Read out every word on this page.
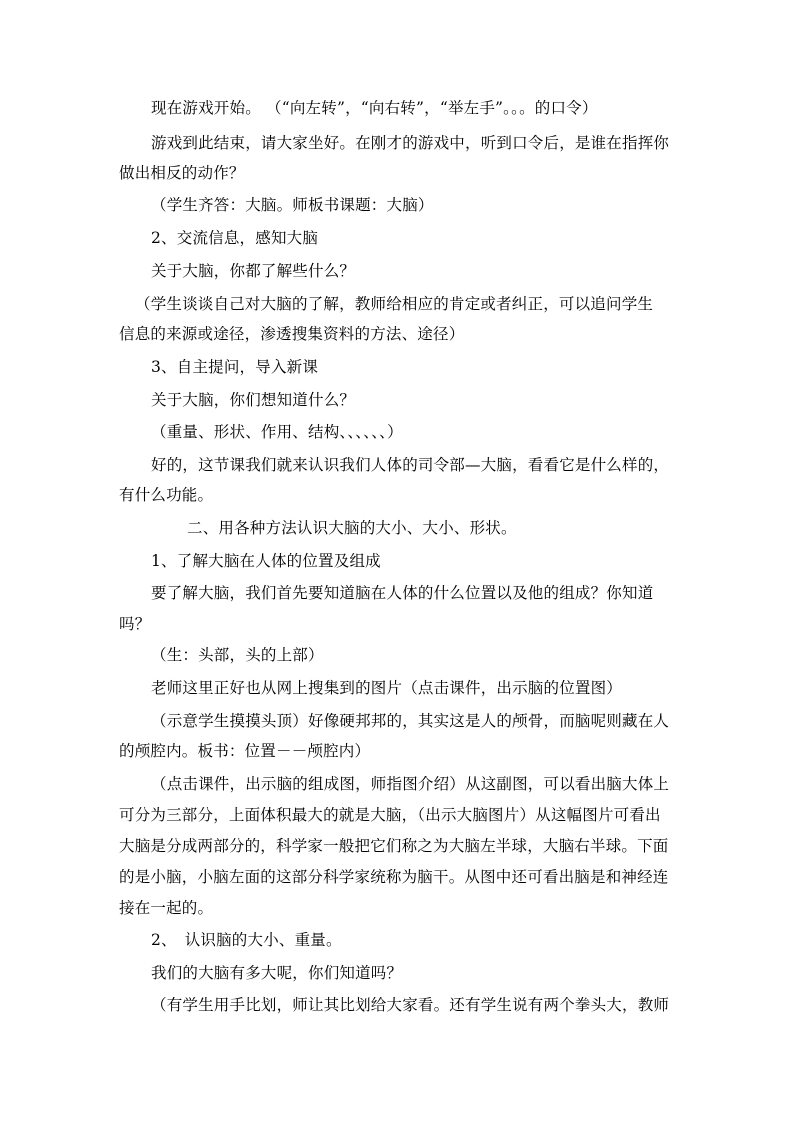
现在游戏开始。 （“向左转”，“向右转”，“举左手”。。。的口令）

游戏到此结束，请大家坐好。在刚才的游戏中，听到口令后，是谁在指挥你

做出相反的动作？

（学生齐答：大脑。师板书课题：大脑）

2、交流信息，感知大脑

关于大脑，你都了解些什么？

（学生谈谈自己对大脑的了解，教师给相应的肯定或者纠正，可以追问学生

信息的来源或途径，渗透搜集资料的方法、途径）

3、自主提问，导入新课

关于大脑，你们想知道什么？

（重量、形状、作用、结构、、、、、、）

好的，这节课我们就来认识我们人体的司令部—大脑，看看它是什么样的，

有什么功能。

二、用各种方法认识大脑的大小、大小、形状。

1、了解大脑在人体的位置及组成

要了解大脑，我们首先要知道脑在人体的什么位置以及他的组成？你知道

吗？

（生：头部，头的上部）

老师这里正好也从网上搜集到的图片（点击课件，出示脑的位置图）

（示意学生摸摸头顶）好像硬邦邦的，其实这是人的颅骨，而脑呢则藏在人

的颅腔内。板书：位置－－颅腔内）

（点击课件，出示脑的组成图，师指图介绍）从这副图，可以看出脑大体上

可分为三部分，上面体积最大的就是大脑，（出示大脑图片）从这幅图片可看出

大脑是分成两部分的，科学家一般把它们称之为大脑左半球，大脑右半球。下面

的是小脑，小脑左面的这部分科学家统称为脑干。从图中还可看出脑是和神经连

接在一起的。

2、　认识脑的大小、重量。

我们的大脑有多大呢，你们知道吗？

（有学生用手比划，师让其比划给大家看。还有学生说有两个拳头大，教师
